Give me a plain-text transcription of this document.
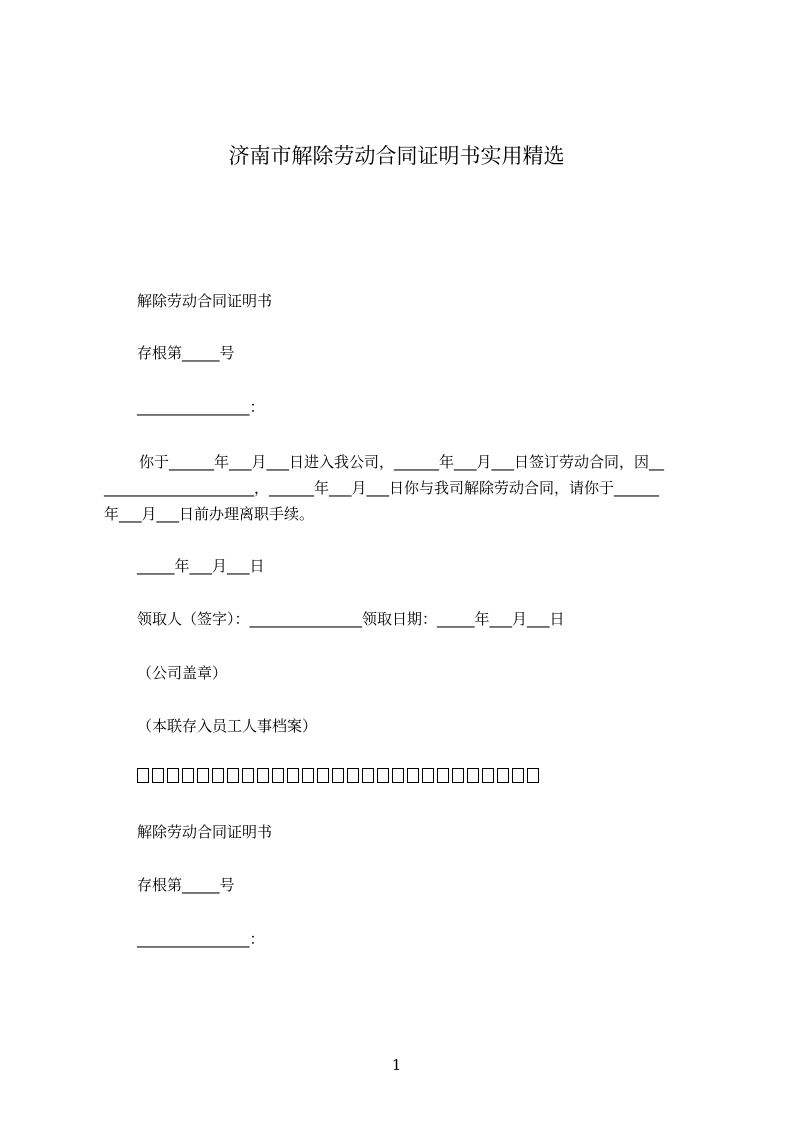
济南市解除劳动合同证明书实用精选
解除劳动合同证明书
存根第_____号
_______________：
你于______年___月___日进入我公司，______年___月___日签订劳动合同，因__
____________________，______年___月___日你与我司解除劳动合同，请你于______
年___月___日前办理离职手续。
_____年___月___日
领取人（签字）：_______________领取日期：_____年___月___日
（公司盖章）
（本联存入员工人事档案）
解除劳动合同证明书
存根第_____号
_______________：
1
